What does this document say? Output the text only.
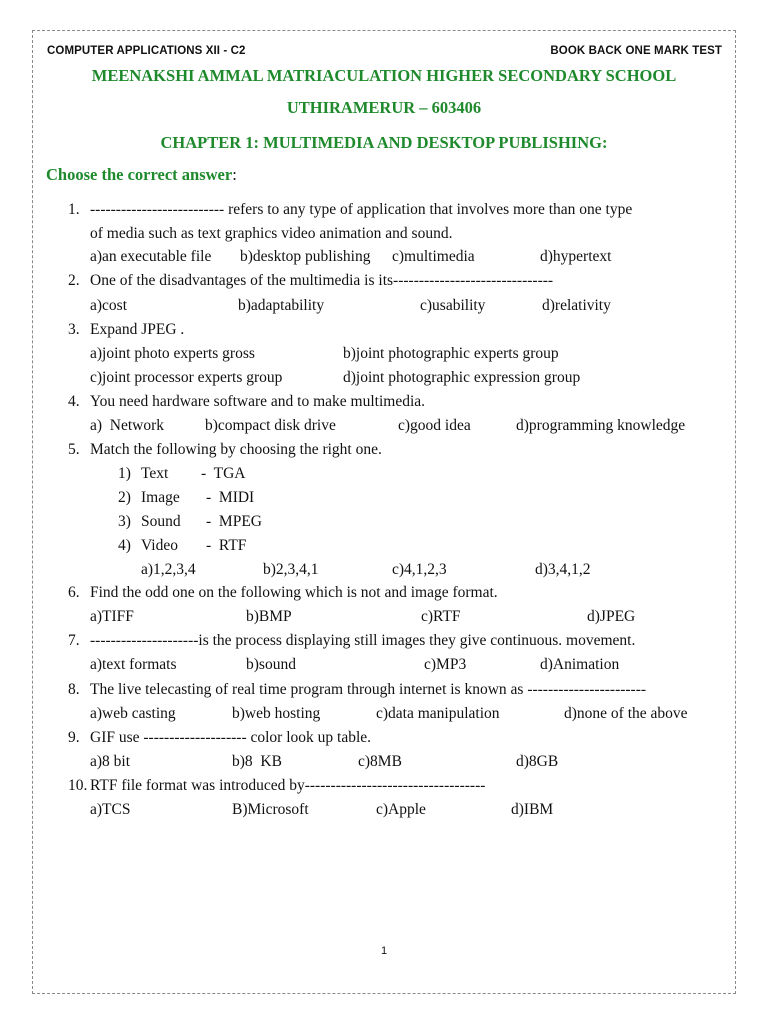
COMPUTER APPLICATIONS XII - C2	BOOK BACK ONE MARK TEST
MEENAKSHI AMMAL MATRIACULATION HIGHER SECONDARY SCHOOL
UTHIRAMERUR – 603406
CHAPTER 1: MULTIMEDIA AND DESKTOP PUBLISHING:
Choose the correct answer:
1. -------------------------- refers to any type of application that involves more than one type
of media such as text graphics video animation and sound.
a)an executable file b)desktop publishing c)multimedia	d)hypertext
2. One of the disadvantages of the multimedia is its-------------------------------
a)cost	b)adaptability	c)usability	d)relativity
3. Expand JPEG .
a)joint photo experts gross	b)joint photographic experts group
c)joint processor experts group	d)joint photographic expression group
4. You need hardware software and to make multimedia.
a)  Network	b)compact disk drive	c)good idea	d)programming knowledge
5. Match the following by choosing the right one.
1) Text -  TGA
2) Image -  MIDI
3) Sound -  MPEG
4) Video -  RTF
a)1,2,3,4	b)2,3,4,1	c)4,1,2,3	d)3,4,1,2
6. Find the odd one on the following which is not and image format.
a)TIFF	b)BMP	c)RTF	d)JPEG
7. ---------------------is the process displaying still images they give continuous. movement.
a)text formats	b)sound	c)MP3	d)Animation
8. The live telecasting of real time program through internet is known as -----------------------
a)web casting	b)web hosting	c)data manipulation	d)none of the above
9. GIF use -------------------- color look up table.
a)8 bit	b)8  KB	c)8MB	d)8GB
10. RTF file format was introduced by-----------------------------------
a)TCS	B)Microsoft	c)Apple	d)IBM
1
